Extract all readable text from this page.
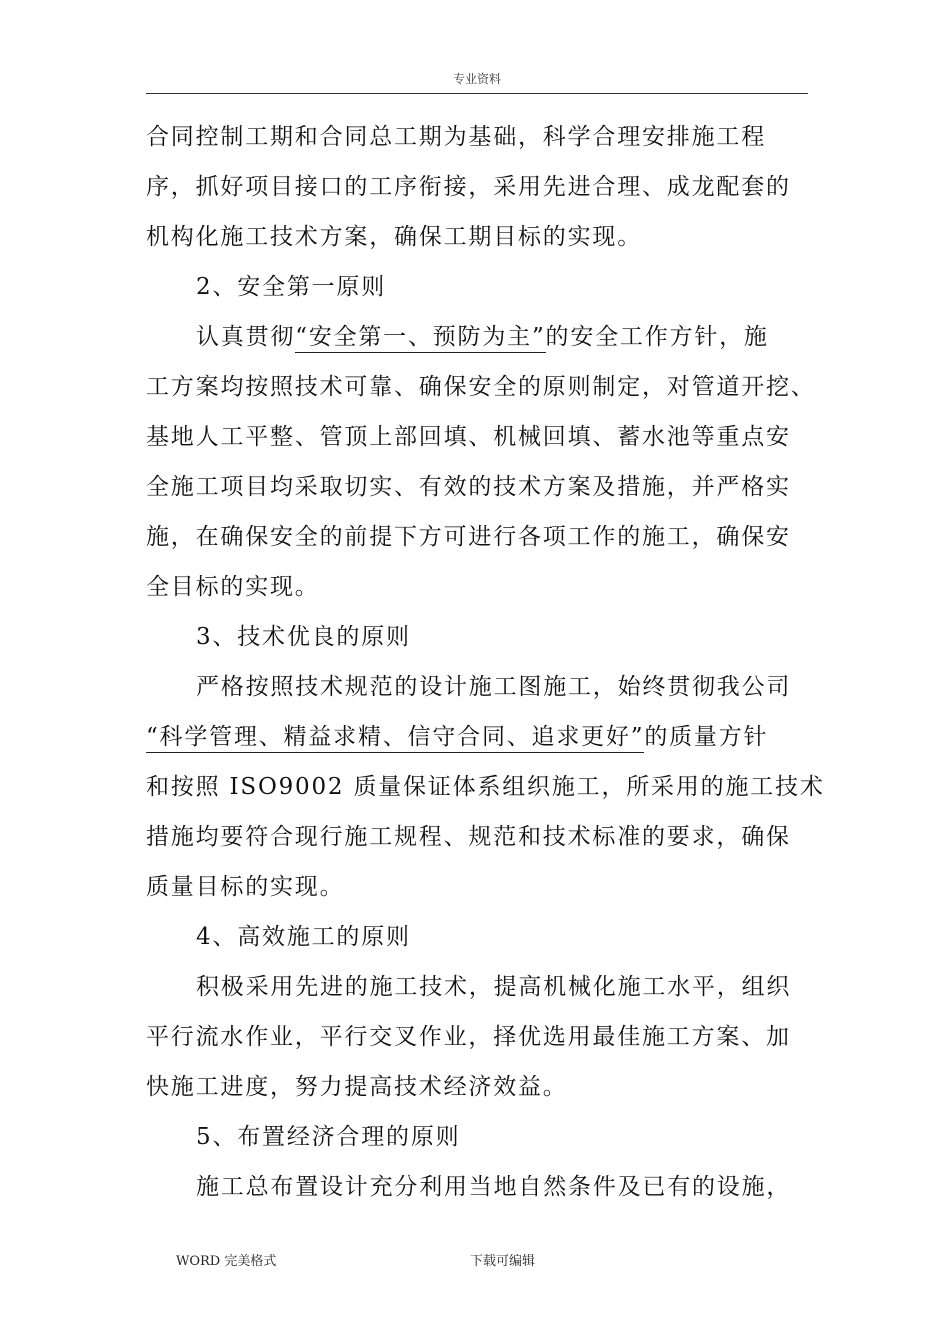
专业资料
合同控制工期和合同总工期为基础，科学合理安排施工程
序，抓好项目接口的工序衔接，采用先进合理、成龙配套的
机构化施工技术方案，确保工期目标的实现。
2、安全第一原则
认真贯彻“安全第一、预防为主”的安全工作方针，施
工方案均按照技术可靠、确保安全的原则制定，对管道开挖、
基地人工平整、管顶上部回填、机械回填、蓄水池等重点安
全施工项目均采取切实、有效的技术方案及措施，并严格实
施，在确保安全的前提下方可进行各项工作的施工，确保安
全目标的实现。
3、技术优良的原则
严格按照技术规范的设计施工图施工，始终贯彻我公司
“科学管理、精益求精、信守合同、追求更好”的质量方针
和按照 ISO9002 质量保证体系组织施工，所采用的施工技术
措施均要符合现行施工规程、规范和技术标准的要求，确保
质量目标的实现。
4、高效施工的原则
积极采用先进的施工技术，提高机械化施工水平，组织
平行流水作业，平行交叉作业，择优选用最佳施工方案、加
快施工进度，努力提高技术经济效益。
5、布置经济合理的原则
施工总布置设计充分利用当地自然条件及已有的设施，
WORD 完美格式	下载可编辑
